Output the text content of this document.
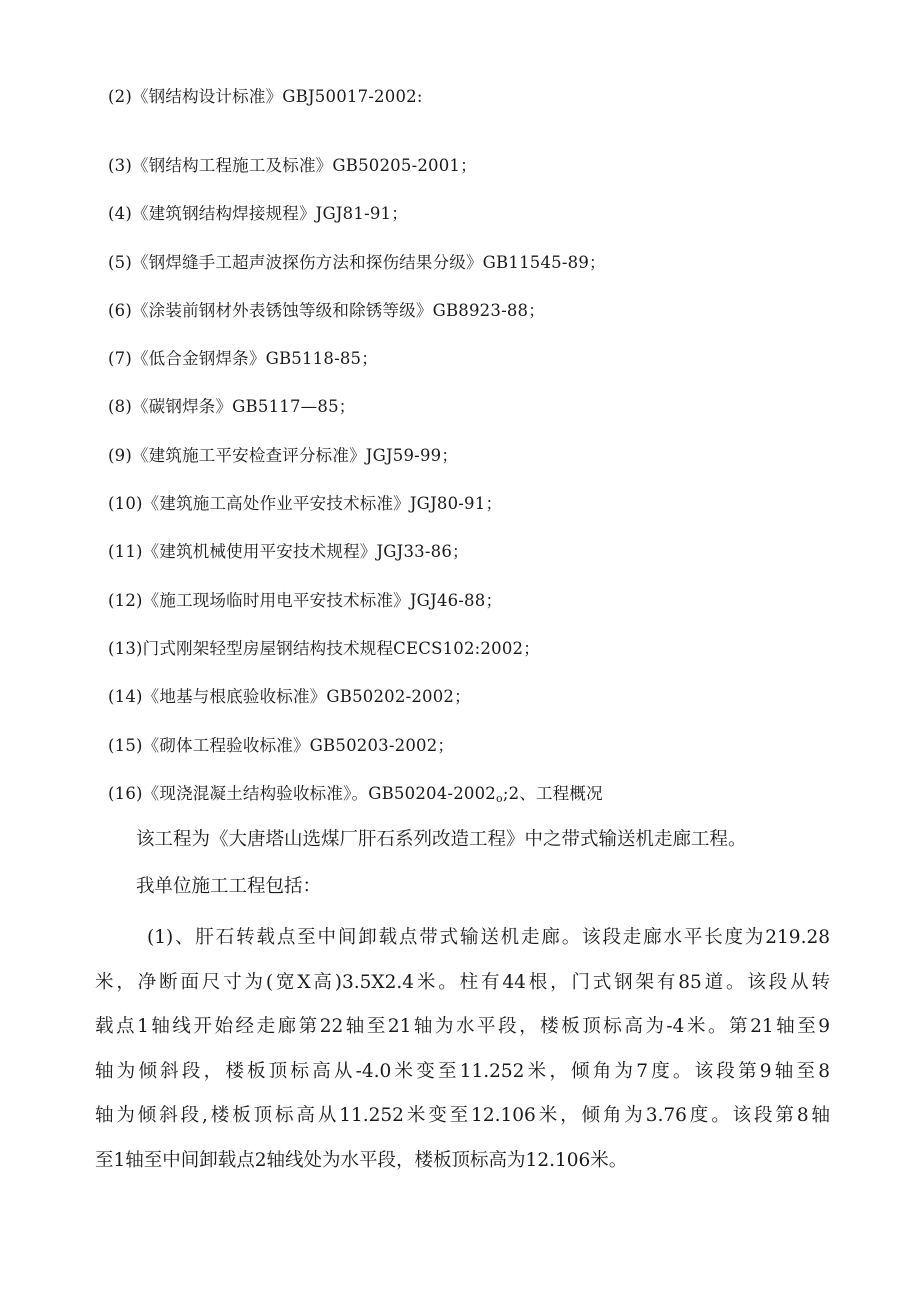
(2)《钢结构设计标准》GBJ50017-2002:
(3)《钢结构工程施工及标准》GB50205-2001；
(4)《建筑钢结构焊接规程》JGJ81-91；
(5)《钢焊缝手工超声波探伤方法和探伤结果分级》GB11545-89；
(6)《涂装前钢材外表锈蚀等级和除锈等级》GB8923-88；
(7)《低合金钢焊条》GB5118-85；
(8)《碳钢焊条》GB5117—85；
(9)《建筑施工平安检查评分标准》JGJ59-99；
(10)《建筑施工高处作业平安技术标准》JGJ80-91；
(11)《建筑机械使用平安技术规程》JGJ33-86；
(12)《施工现场临时用电平安技术标准》JGJ46-88；
(13)门式刚架轻型房屋钢结构技术规程CECS102:2002；
(14)《地基与根底验收标准》GB50202-2002；
(15)《砌体工程验收标准》GB50203-2002；
(16)《现浇混凝土结构验收标准》。$GB50204-2002_o;2$、工程概况
该工程为《大唐塔山选煤厂肝石系列改造工程》中之带式输送机走廊工程。
我单位施工工程包括：
(1)、肝石转载点至中间卸载点带式输送机走廊。该段走廊水平长度为219.28
米，净断面尺寸为(宽X高)3.5X2.4米。柱有44根，门式钢架有85道。该段从转
载点1轴线开始经走廊第22轴至21轴为水平段，楼板顶标高为-4米。第21轴至9
轴为倾斜段，楼板顶标高从-4.0米变至11.252米，倾角为7度。该段第9轴至8
轴为倾斜段,楼板顶标高从11.252米变至12.106米，倾角为3.76度。该段第8轴
至1轴至中间卸载点2轴线处为水平段，楼板顶标高为12.106米。
